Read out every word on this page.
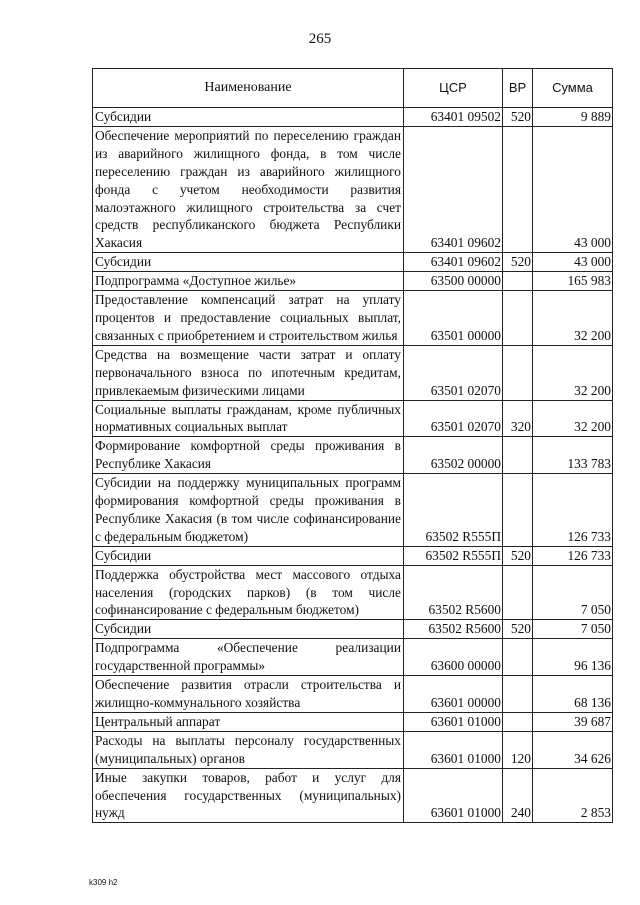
265
Наименование	ЦСР	ВР	Сумма
Субсидии	63401 09502	520	9 889
Обеспечение мероприятий по переселению граждан из аварийного жилищного фонда, в том числе переселению граждан из аварийного жилищного фонда с учетом необходимости развития малоэтажного жилищного строительства за счет средств республиканского бюджета Республики Хакасия	63401 09602		43 000
Субсидии	63401 09602	520	43 000
Подпрограмма «Доступное жилье»	63500 00000		165 983
Предоставление компенсаций затрат на уплату процентов и предоставление социальных выплат, связанных с приобретением и строительством жилья	63501 00000		32 200
Средства на возмещение части затрат и оплату первоначального взноса по ипотечным кредитам, привлекаемым физическими лицами	63501 02070		32 200
Социальные выплаты гражданам, кроме публичных нормативных социальных выплат	63501 02070	320	32 200
Формирование комфортной среды проживания в Республике Хакасия	63502 00000		133 783
Субсидии на поддержку муниципальных программ формирования комфортной среды проживания в Республике Хакасия (в том числе софинансирование с федеральным бюджетом)	63502 R555П		126 733
Субсидии	63502 R555П	520	126 733
Поддержка обустройства мест массового отдыха населения (городских парков) (в том числе софинансирование с федеральным бюджетом)	63502 R5600		7 050
Субсидии	63502 R5600	520	7 050
Подпрограмма «Обеспечение реализации государственной программы»	63600 00000		96 136
Обеспечение развития отрасли строительства и жилищно-коммунального хозяйства	63601 00000		68 136
Центральный аппарат	63601 01000		39 687
Расходы на выплаты персоналу государственных (муниципальных) органов	63601 01000	120	34 626
Иные закупки товаров, работ и услуг для обеспечения государственных (муниципальных) нужд	63601 01000	240	2 853
k309 h2
